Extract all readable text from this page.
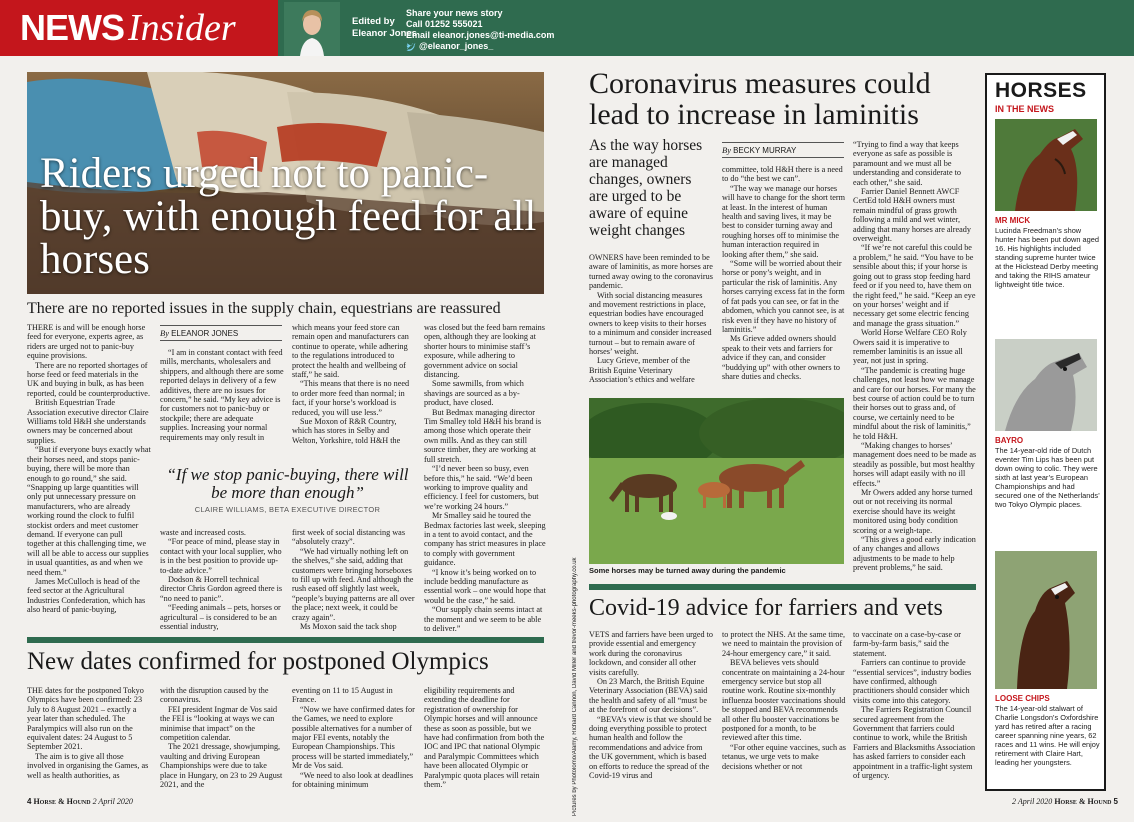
NEWS Insider	Edited by
Eleanor Jones
Share your news story
Call 01252 555021
Email eleanor.jones@ti-media.com
@eleanor_jones_
Riders urged not to panic-buy, with enough feed for all horses
There are no reported issues in the supply chain, equestrians are reassured

THERE is and will be enough horse feed for everyone, experts agree, as riders are urged not to panic-buy equine provisions.

There are no reported shortages of horse feed or feed materials in the UK and buying in bulk, as has been reported, could be counterproductive.

British Equestrian Trade Association executive director Claire Williams told H&H she understands owners may be concerned about supplies.

“But if everyone buys exactly what their horses need, and stops panic-buying, there will be more than enough to go round,” she said. “Snapping up large quantities will only put unnecessary pressure on manufacturers, who are already working round the clock to fulfil stockist orders and meet customer demand. If everyone can pull together at this challenging time, we will all be able to access our supplies in usual quantities, as and when we need them.”

James McCulloch is head of the feed sector at the Agricultural Industries Confederation, which has also heard of panic-buying,

By ELEANOR JONES

“I am in constant contact with feed mills, merchants, wholesalers and shippers, and although there are some reported delays in delivery of a few additives, there are no issues for concern,” he said. “My key advice is for customers not to panic-buy or stockpile; there are adequate supplies. Increasing your normal requirements may only result in

which means your feed store can remain open and manufacturers can continue to operate, while adhering to the regulations introduced to protect the health and wellbeing of staff,” he said.

“This means that there is no need to order more feed than normal; in fact, if your horse’s workload is reduced, you will use less.”

Sue Moxon of R&R Country, which has stores in Selby and Welton, Yorkshire, told H&H the

“If we stop panic-buying, there will be more than enough”
CLAIRE WILLIAMS, BETA EXECUTIVE DIRECTOR

waste and increased costs.

“For peace of mind, please stay in contact with your local supplier, who is in the best position to provide up-to-date advice.”

Dodson & Horrell technical director Chris Gordon agreed there is “no need to panic”.

“Feeding animals – pets, horses or agricultural – is considered to be an essential industry,

first week of social distancing was “absolutely crazy”.

“We had virtually nothing left on the shelves,” she said, adding that customers were bringing horseboxes to fill up with feed. And although the rush eased off slightly last week, “people’s buying patterns are all over the place; next week, it could be crazy again”.

Ms Moxon said the tack shop

was closed but the feed barn remains open, although they are looking at shorter hours to minimise staff’s exposure, while adhering to government advice on social distancing.

Some sawmills, from which shavings are sourced as a by-product, have closed.

But Bedmax managing director Tim Smalley told H&H his brand is among those which operate their own mills. And as they can still source timber, they are working at full stretch.

“I’d never been so busy, even before this,” he said. “We’d been working to improve quality and efficiency. I feel for customers, but we’re working 24 hours.”

Mr Smalley said he toured the Bedmax factories last week, sleeping in a tent to avoid contact, and the company has strict measures in place to comply with government guidance.

“I know it’s being worked on to include bedding manufacture as essential work – one would hope that would be the case,” he said.

“Our supply chain seems intact at the moment and we seem to be able to deliver.”

New dates confirmed for postponed Olympics

THE dates for the postponed Tokyo Olympics have been confirmed: 23 July to 8 August 2021 – exactly a year later than scheduled. The Paralympics will also run on the equivalent dates: 24 August to 5 September 2021.

The aim is to give all those involved in organising the Games, as well as health authorities, as

with the disruption caused by the coronavirus.

FEI president Ingmar de Vos said the FEI is “looking at ways we can minimise that impact” on the competition calendar.

The 2021 dressage, showjumping, vaulting and driving European Championships were due to take place in Hungary, on 23 to 29 August 2021, and the

eventing on 11 to 15 August in France.

“Now we have confirmed dates for the Games, we need to explore possible alternatives for a number of major FEI events, notably the European Championships. This process will be started immediately,” Mr de Vos said.

“We need to also look at deadlines for obtaining minimum

eligibility requirements and extending the deadline for registration of ownership for Olympic horses and will announce these as soon as possible, but we have had confirmation from both the IOC and IPC that national Olympic and Paralympic Committees which have been allocated Olympic or Paralympic quota places will retain them.”

4 Horse & Hound 2 April 2020
Coronavirus measures could lead to increase in laminitis
As the way horses are managed changes, owners are urged to be aware of equine weight changes

OWNERS have been reminded to be aware of laminitis, as more horses are turned away owing to the coronavirus pandemic.

With social distancing measures and movement restrictions in place, equestrian bodies have encouraged owners to keep visits to their horses to a minimum and consider increased turnout – but to remain aware of horses’ weight.

Lucy Grieve, member of the British Equine Veterinary Association’s ethics and welfare

By BECKY MURRAY

committee, told H&H there is a need to do “the best we can”.

“The way we manage our horses will have to change for the short term at least. In the interest of human health and saving lives, it may be best to consider turning away and roughing horses off to minimise the human interaction required in looking after them,” she said.

“Some will be worried about their horse or pony’s weight, and in particular the risk of laminitis. Any horses carrying excess fat in the form of fat pads you can see, or fat in the abdomen, which you cannot see, is at risk even if they have no history of laminitis.”

Ms Grieve added owners should speak to their vets and farriers for advice if they can, and consider “buddying up” with other owners to share duties and checks.

“Trying to find a way that keeps everyone as safe as possible is paramount and we must all be understanding and considerate to each other,” she said.

Farrier Daniel Bennett AWCF CertEd told H&H owners must remain mindful of grass growth following a mild and wet winter, adding that many horses are already overweight.

“If we’re not careful this could be a problem,” he said. “You have to be sensible about this; if your horse is going out to grass stop feeding hard feed or if you need to, have them on the right feed,” he said. “Keep an eye on your horses’ weight and if necessary get some electric fencing and manage the grass situation.”

World Horse Welfare CEO Roly Owers said it is imperative to remember laminitis is an issue all year, not just in spring.

“The pandemic is creating huge challenges, not least how we manage and care for our horses. For many the best course of action could be to turn their horses out to grass and, of course, we certainly need to be mindful about the risk of laminitis,” he told H&H.

“Making changes to horses’ management does need to be made as steadily as possible, but most healthy horses will adapt easily with no ill effects.”

Mr Owers added any horse turned out or not receiving its normal exercise should have its weight monitored using body condition scoring or a weigh-tape.

“This gives a good early indication of any changes and allows adjustments to be made to help prevent problems,” he said.

Some horses may be turned away during the pandemic
Pictures by Photolomo/Alamy, Richard Cannon, David Miller and trevor-meeks-photography.co.uk Covid-19 advice for farriers and vets

VETS and farriers have been urged to provide essential and emergency work during the coronavirus lockdown, and consider all other visits carefully.

On 23 March, the British Equine Veterinary Association (BEVA) said the health and safety of all “must be at the forefront of our decisions”.

“BEVA’s view is that we should be doing everything possible to protect human health and follow the recommendations and advice from the UK government, which is based on efforts to reduce the spread of the Covid-19 virus and

to protect the NHS. At the same time, we need to maintain the provision of 24-hour emergency care,” it said.

BEVA believes vets should concentrate on maintaining a 24-hour emergency service but stop all routine work. Routine six-monthly influenza booster vaccinations should be stopped and BEVA recommends all other flu booster vaccinations be postponed for a month, to be reviewed after this time.

“For other equine vaccines, such as tetanus, we urge vets to make decisions whether or not

to vaccinate on a case-by-case or farm-by-farm basis,” said the statement.

Farriers can continue to provide “essential services”, industry bodies have confirmed, although practitioners should consider which visits come into this category.

The Farriers Registration Council secured agreement from the Government that farriers could continue to work, while the British Farriers and Blacksmiths Association has asked farriers to consider each appointment in a traffic-light system of urgency.

HORSES
IN THE NEWS
MR MICK
Lucinda Freedman’s show hunter has been put down aged 16. His highlights included standing supreme hunter twice at the Hickstead Derby meeting and taking the RIHS amateur lightweight title twice.
BAYRO
The 14-year-old ride of Dutch eventer Tim Lips has been put down owing to colic. They were sixth at last year’s European Championships and had secured one of the Netherlands’ two Tokyo Olympic places.
LOOSE CHIPS
The 14-year-old stalwart of Charlie Longsdon’s Oxfordshire yard has retired after a racing career spanning nine years, 62 races and 11 wins. He will enjoy retirement with Claire Hart, leading her youngsters.
2 April 2020 Horse & Hound 5
